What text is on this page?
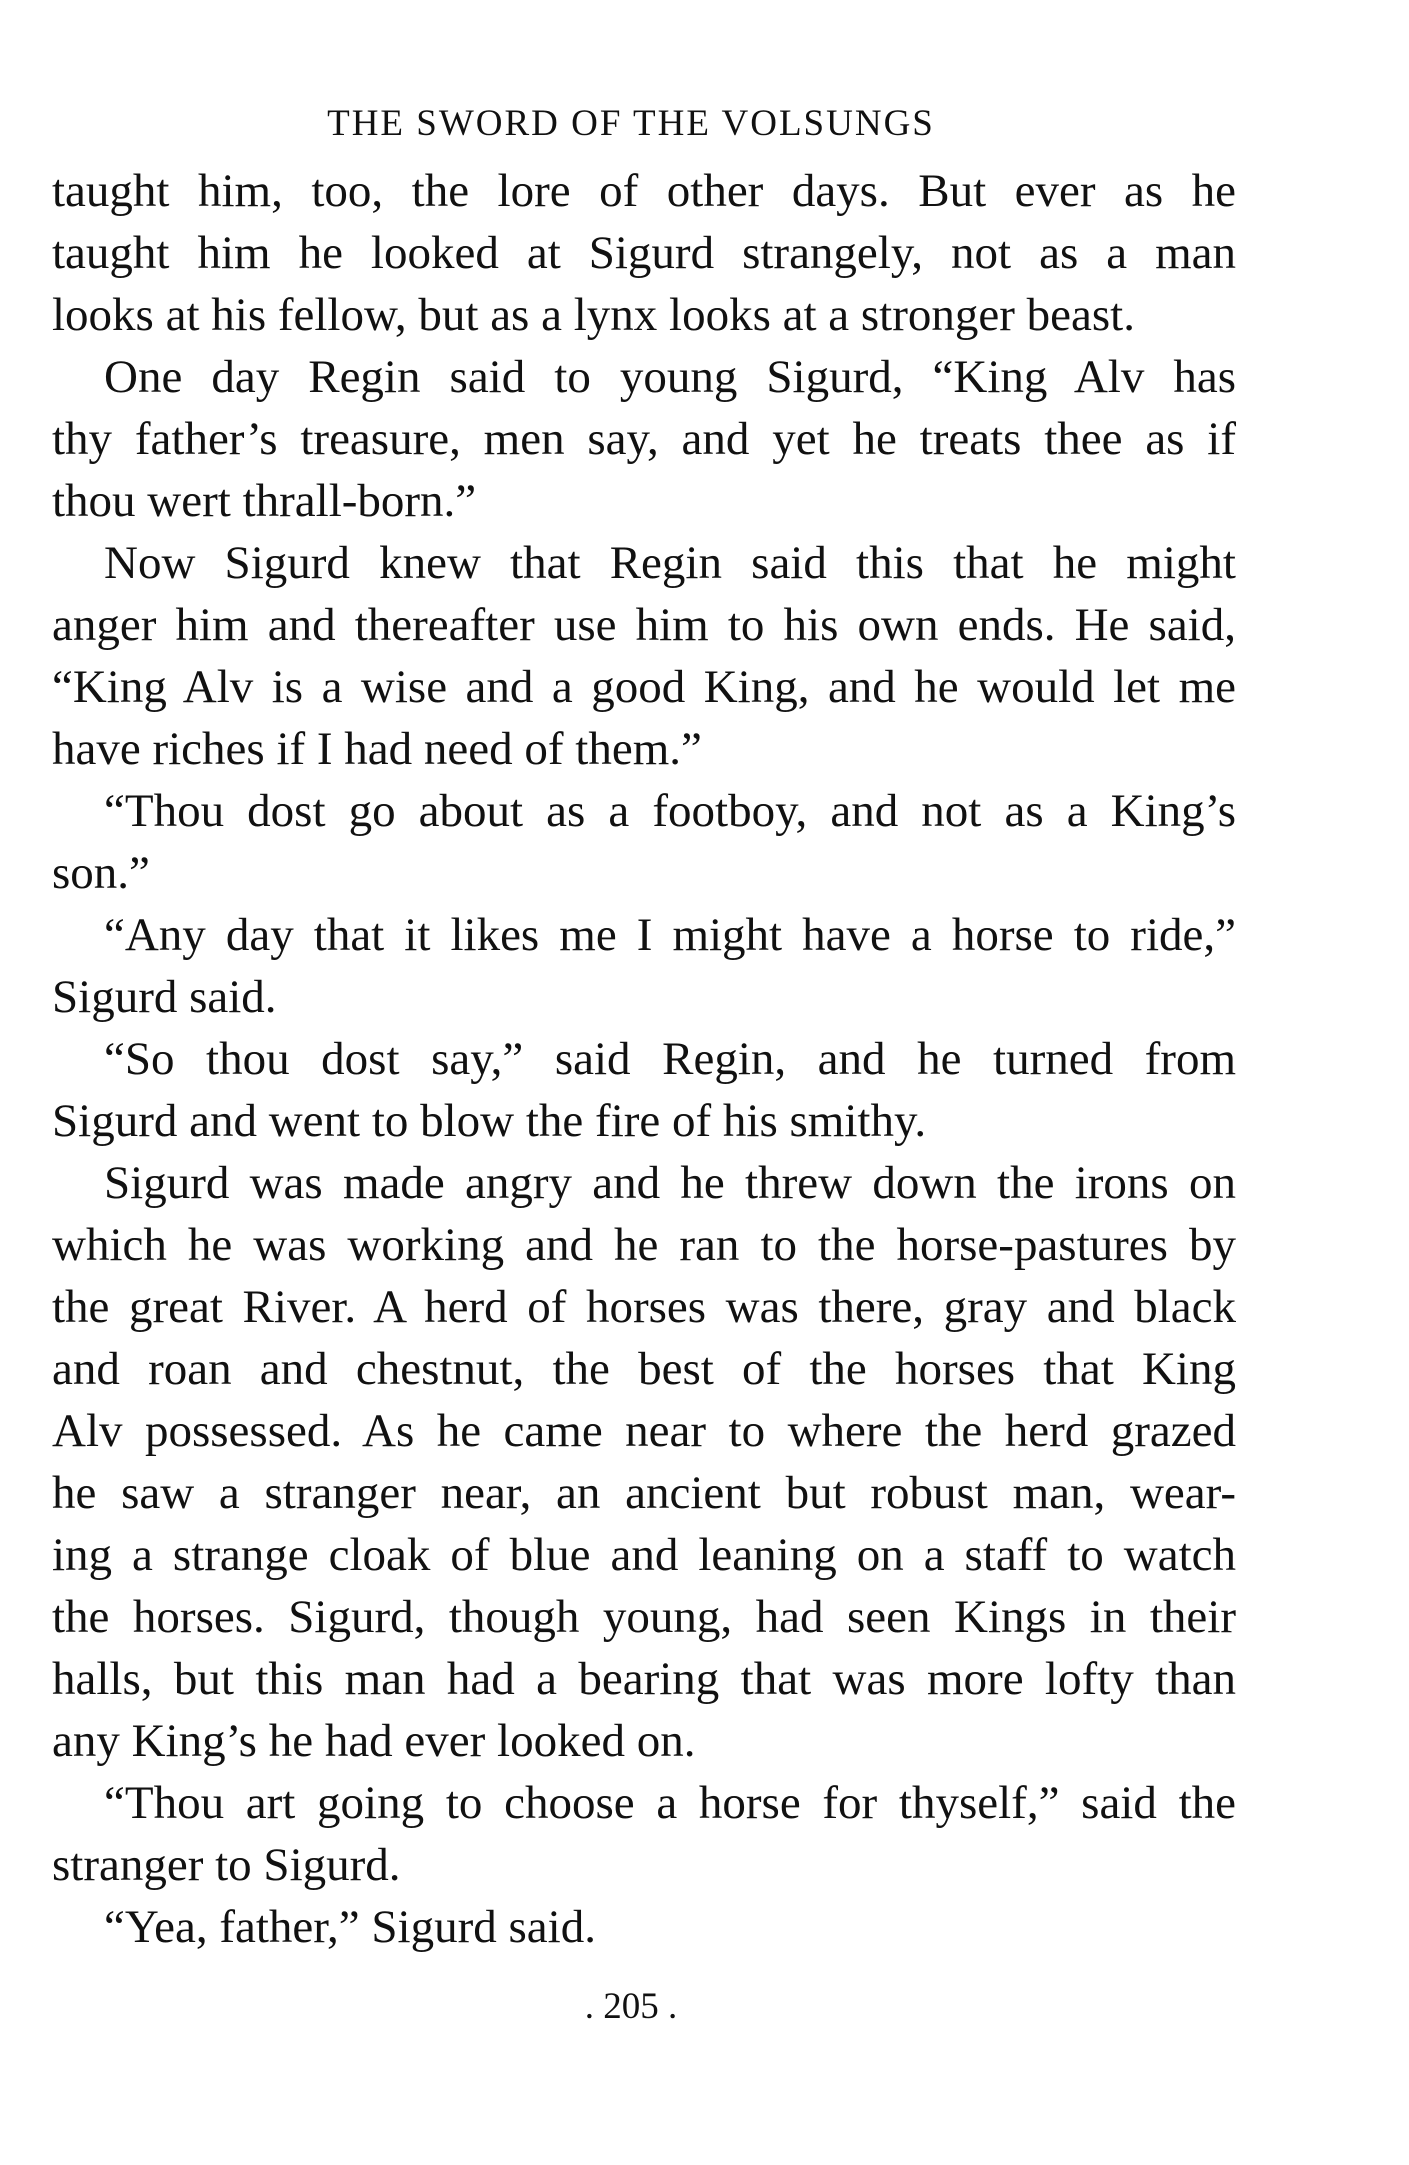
THE SWORD OF THE VOLSUNGS

taught him, too, the lore of other days. But ever as he
taught him he looked at Sigurd strangely, not as a man
looks at his fellow, but as a lynx looks at a stronger beast.

One day Regin said to young Sigurd, “King Alv has
thy father’s treasure, men say, and yet he treats thee as if
thou wert thrall-born.”

Now Sigurd knew that Regin said this that he might
anger him and thereafter use him to his own ends. He said,
“King Alv is a wise and a good King, and he would let me
have riches if I had need of them.”

“Thou dost go about as a footboy, and not as a King’s
son.”

“Any day that it likes me I might have a horse to ride,”
Sigurd said.

“So thou dost say,” said Regin, and he turned from
Sigurd and went to blow the fire of his smithy.

Sigurd was made angry and he threw down the irons on
which he was working and he ran to the horse-pastures by
the great River. A herd of horses was there, gray and black
and roan and chestnut, the best of the horses that King
Alv possessed. As he came near to where the herd grazed
he saw a stranger near, an ancient but robust man, wear-
ing a strange cloak of blue and leaning on a staff to watch
the horses. Sigurd, though young, had seen Kings in their
halls, but this man had a bearing that was more lofty than
any King’s he had ever looked on.

“Thou art going to choose a horse for thyself,” said the
stranger to Sigurd.

“Yea, father,” Sigurd said.

. 205 .
